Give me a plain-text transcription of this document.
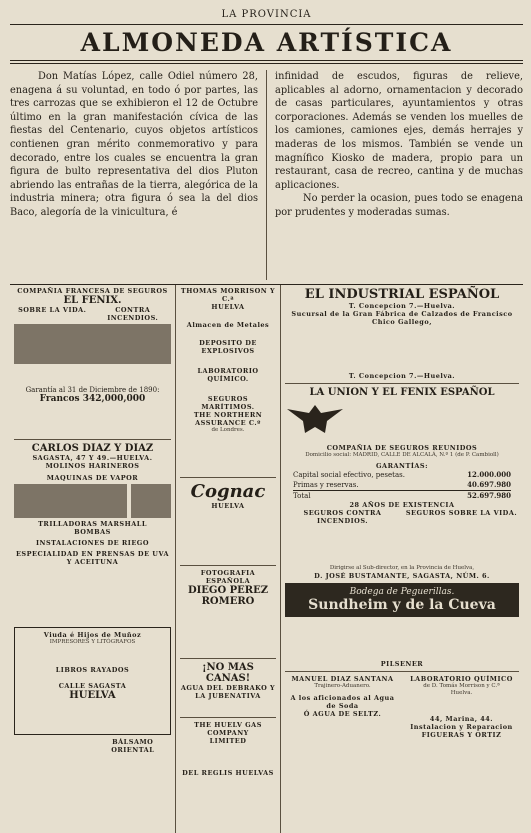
LA PROVINCIA
ALMONEDA ARTÍSTICA
Don Matías López, calle Odiel número 28, enagena á su voluntad, en todo ó por partes, las tres carrozas que se exhibieron el 12 de Octubre último en la gran manifestación cívica de las fiestas del Centenario, cuyos objetos artísticos contienen gran mérito conmemorativo y para decorado, entre los cuales se encuentra la gran figura de bulto representativa del dios Pluton abriendo las entrañas de la tierra, alegórica de la industria minera; otra figura ó sea la del dios Baco, alegoría de la vinicultura, é
infinidad de escudos, figuras de relieve, aplicables al adorno, ornamentacion y decorado de casas particulares, ayuntamientos y otras corporaciones. Además se venden los muelles de los camiones, camiones ejes, demás herrajes y maderas de los mismos. También se vende un magnífico Kiosko de madera, propio para un restaurant, casa de recreo, cantina y de muchas aplicaciones.
No perder la ocasion, pues todo se enagena por prudentes y moderadas sumas.
COMPAÑIA FRANCESA DE SEGUROS
EL FENIX.
SOBRE LA VIDA.	CONTRA INCENDIOS.
Garantía al 31 de Diciembre de 1890:
Francos 342,000,000
CARLOS DIAZ Y DIAZ
SAGASTA, 47 Y 49.—HUELVA.
MOLINOS HARINEROS
MAQUINAS DE VAPOR
TRILLADORAS MARSHALL
BOMBAS
INSTALACIONES DE RIEGO
ESPECIALIDAD EN PRENSAS DE UVA Y ACEITUNA
Viuda é Hijos de Muñoz
IMPRESORES Y LITÓGRAFOS
LIBROS RAYADOS
CALLE SAGASTA
HUELVA
BÁLSAMO ORIENTAL
THOMAS MORRISON Y C.ª
HUELVA
Almacen de Metales
DEPOSITO DE EXPLOSIVOS
LABORATORIO QUÍMICO.
SEGUROS MARÍTIMOS.
THE NORTHERN ASSURANCE C.º
de Londres.
Cognac
HUELVA
FOTOGRAFIA ESPAÑOLA
DIEGO PEREZ ROMERO
¡NO MAS CANAS!
AGUA DEL DEBRAKO Y LA JUBENATIVA
THE HUELV GAS COMPANY
LIMITED
DEL REGLIS HUELVAS
EL INDUSTRIAL ESPAÑOL
T. Concepcion 7.—Huelva.
Sucursal de la Gran Fábrica de Calzados de Francisco Chico Gallego,
T. Concepcion 7.—Huelva.
LA UNION Y EL FENIX ESPAÑOL
COMPAÑIA DE SEGUROS REUNIDOS
Domicilio social: MADRID, CALLE DE ALCALÁ, N.º 1 (de P. Cambioll)
GARANTÍAS:
Capital social efectivo, pesetas.	12.000.000
Primas y reservas.	40.697.980
Total	52.697.980
28 AÑOS DE EXISTENCIA
SEGUROS CONTRA INCENDIOS.
SEGUROS SOBRE LA VIDA.
Dirigirse al Sub-director, en la Provincia de Huelva,
D. JOSÉ BUSTAMANTE, SAGASTA, NÚM. 6.
Bodega de Peguerillas.
Sundheim y de la Cueva
PILSENER
MANUEL DIAZ SANTANA
Trajinero-Aduanero.
A los aficionados al Agua de Soda
Ó AGUA DE SELTZ.
LABORATORIO QUÍMICO
de D. Tomás Morrison y C.ª
Huelva.
44, Marina, 44.
Instalacion y Reparacion
FIGUERAS Y ORTIZ
